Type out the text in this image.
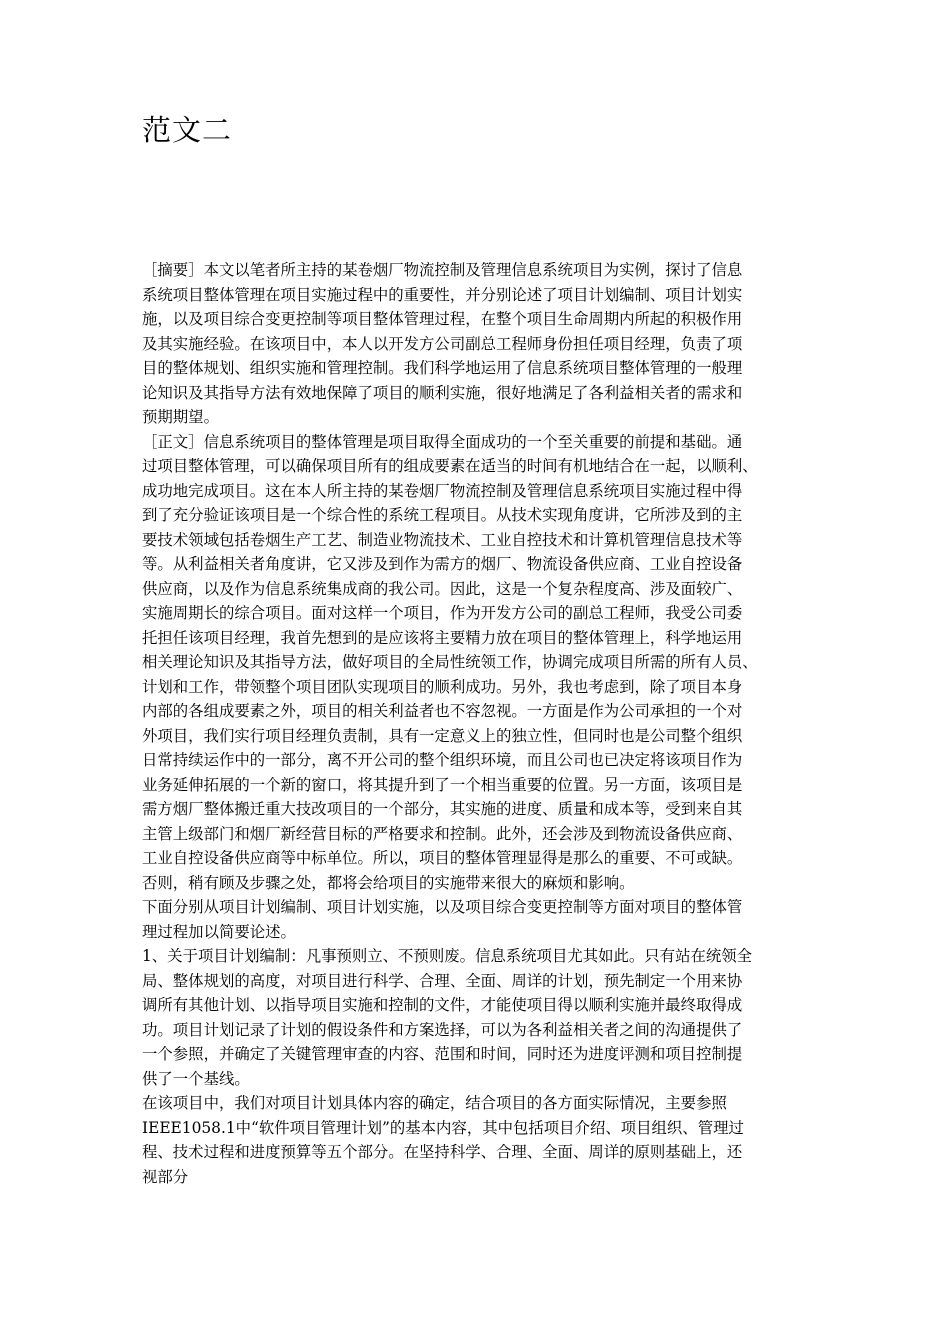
范文二
［摘要］本文以笔者所主持的某卷烟厂物流控制及管理信息系统项目为实例，探讨了信息
系统项目整体管理在项目实施过程中的重要性，并分别论述了项目计划编制、项目计划实
施，以及项目综合变更控制等项目整体管理过程，在整个项目生命周期内所起的积极作用
及其实施经验。在该项目中，本人以开发方公司副总工程师身份担任项目经理，负责了项
目的整体规划、组织实施和管理控制。我们科学地运用了信息系统项目整体管理的一般理
论知识及其指导方法有效地保障了项目的顺利实施，很好地满足了各利益相关者的需求和
预期期望。
［正文］信息系统项目的整体管理是项目取得全面成功的一个至关重要的前提和基础。通
过项目整体管理，可以确保项目所有的组成要素在适当的时间有机地结合在一起，以顺利、
成功地完成项目。这在本人所主持的某卷烟厂物流控制及管理信息系统项目实施过程中得
到了充分验证该项目是一个综合性的系统工程项目。从技术实现角度讲，它所涉及到的主
要技术领域包括卷烟生产工艺、制造业物流技术、工业自控技术和计算机管理信息技术等
等。从利益相关者角度讲，它又涉及到作为需方的烟厂、物流设备供应商、工业自控设备
供应商，以及作为信息系统集成商的我公司。因此，这是一个复杂程度高、涉及面较广、
实施周期长的综合项目。面对这样一个项目，作为开发方公司的副总工程师，我受公司委
托担任该项目经理，我首先想到的是应该将主要精力放在项目的整体管理上，科学地运用
相关理论知识及其指导方法，做好项目的全局性统领工作，协调完成项目所需的所有人员、
计划和工作，带领整个项目团队实现项目的顺利成功。另外，我也考虑到，除了项目本身
内部的各组成要素之外，项目的相关利益者也不容忽视。一方面是作为公司承担的一个对
外项目，我们实行项目经理负责制，具有一定意义上的独立性，但同时也是公司整个组织
日常持续运作中的一部分，离不开公司的整个组织环境，而且公司也已决定将该项目作为
业务延伸拓展的一个新的窗口，将其提升到了一个相当重要的位置。另一方面，该项目是
需方烟厂整体搬迁重大技改项目的一个部分，其实施的进度、质量和成本等，受到来自其
主管上级部门和烟厂新经营目标的严格要求和控制。此外，还会涉及到物流设备供应商、
工业自控设备供应商等中标单位。所以，项目的整体管理显得是那么的重要、不可或缺。
否则，稍有顾及步骤之处，都将会给项目的实施带来很大的麻烦和影响。
下面分别从项目计划编制、项目计划实施，以及项目综合变更控制等方面对项目的整体管
理过程加以简要论述。
1、关于项目计划编制：凡事预则立、不预则废。信息系统项目尤其如此。只有站在统领全
局、整体规划的高度，对项目进行科学、合理、全面、周详的计划，预先制定一个用来协
调所有其他计划、以指导项目实施和控制的文件，才能使项目得以顺利实施并最终取得成
功。项目计划记录了计划的假设条件和方案选择，可以为各利益相关者之间的沟通提供了
一个参照，并确定了关键管理审查的内容、范围和时间，同时还为进度评测和项目控制提
供了一个基线。
在该项目中，我们对项目计划具体内容的确定，结合项目的各方面实际情况，主要参照
IEEE1058.1中“软件项目管理计划”的基本内容，其中包括项目介绍、项目组织、管理过
程、技术过程和进度预算等五个部分。在坚持科学、合理、全面、周详的原则基础上，还
视部分
